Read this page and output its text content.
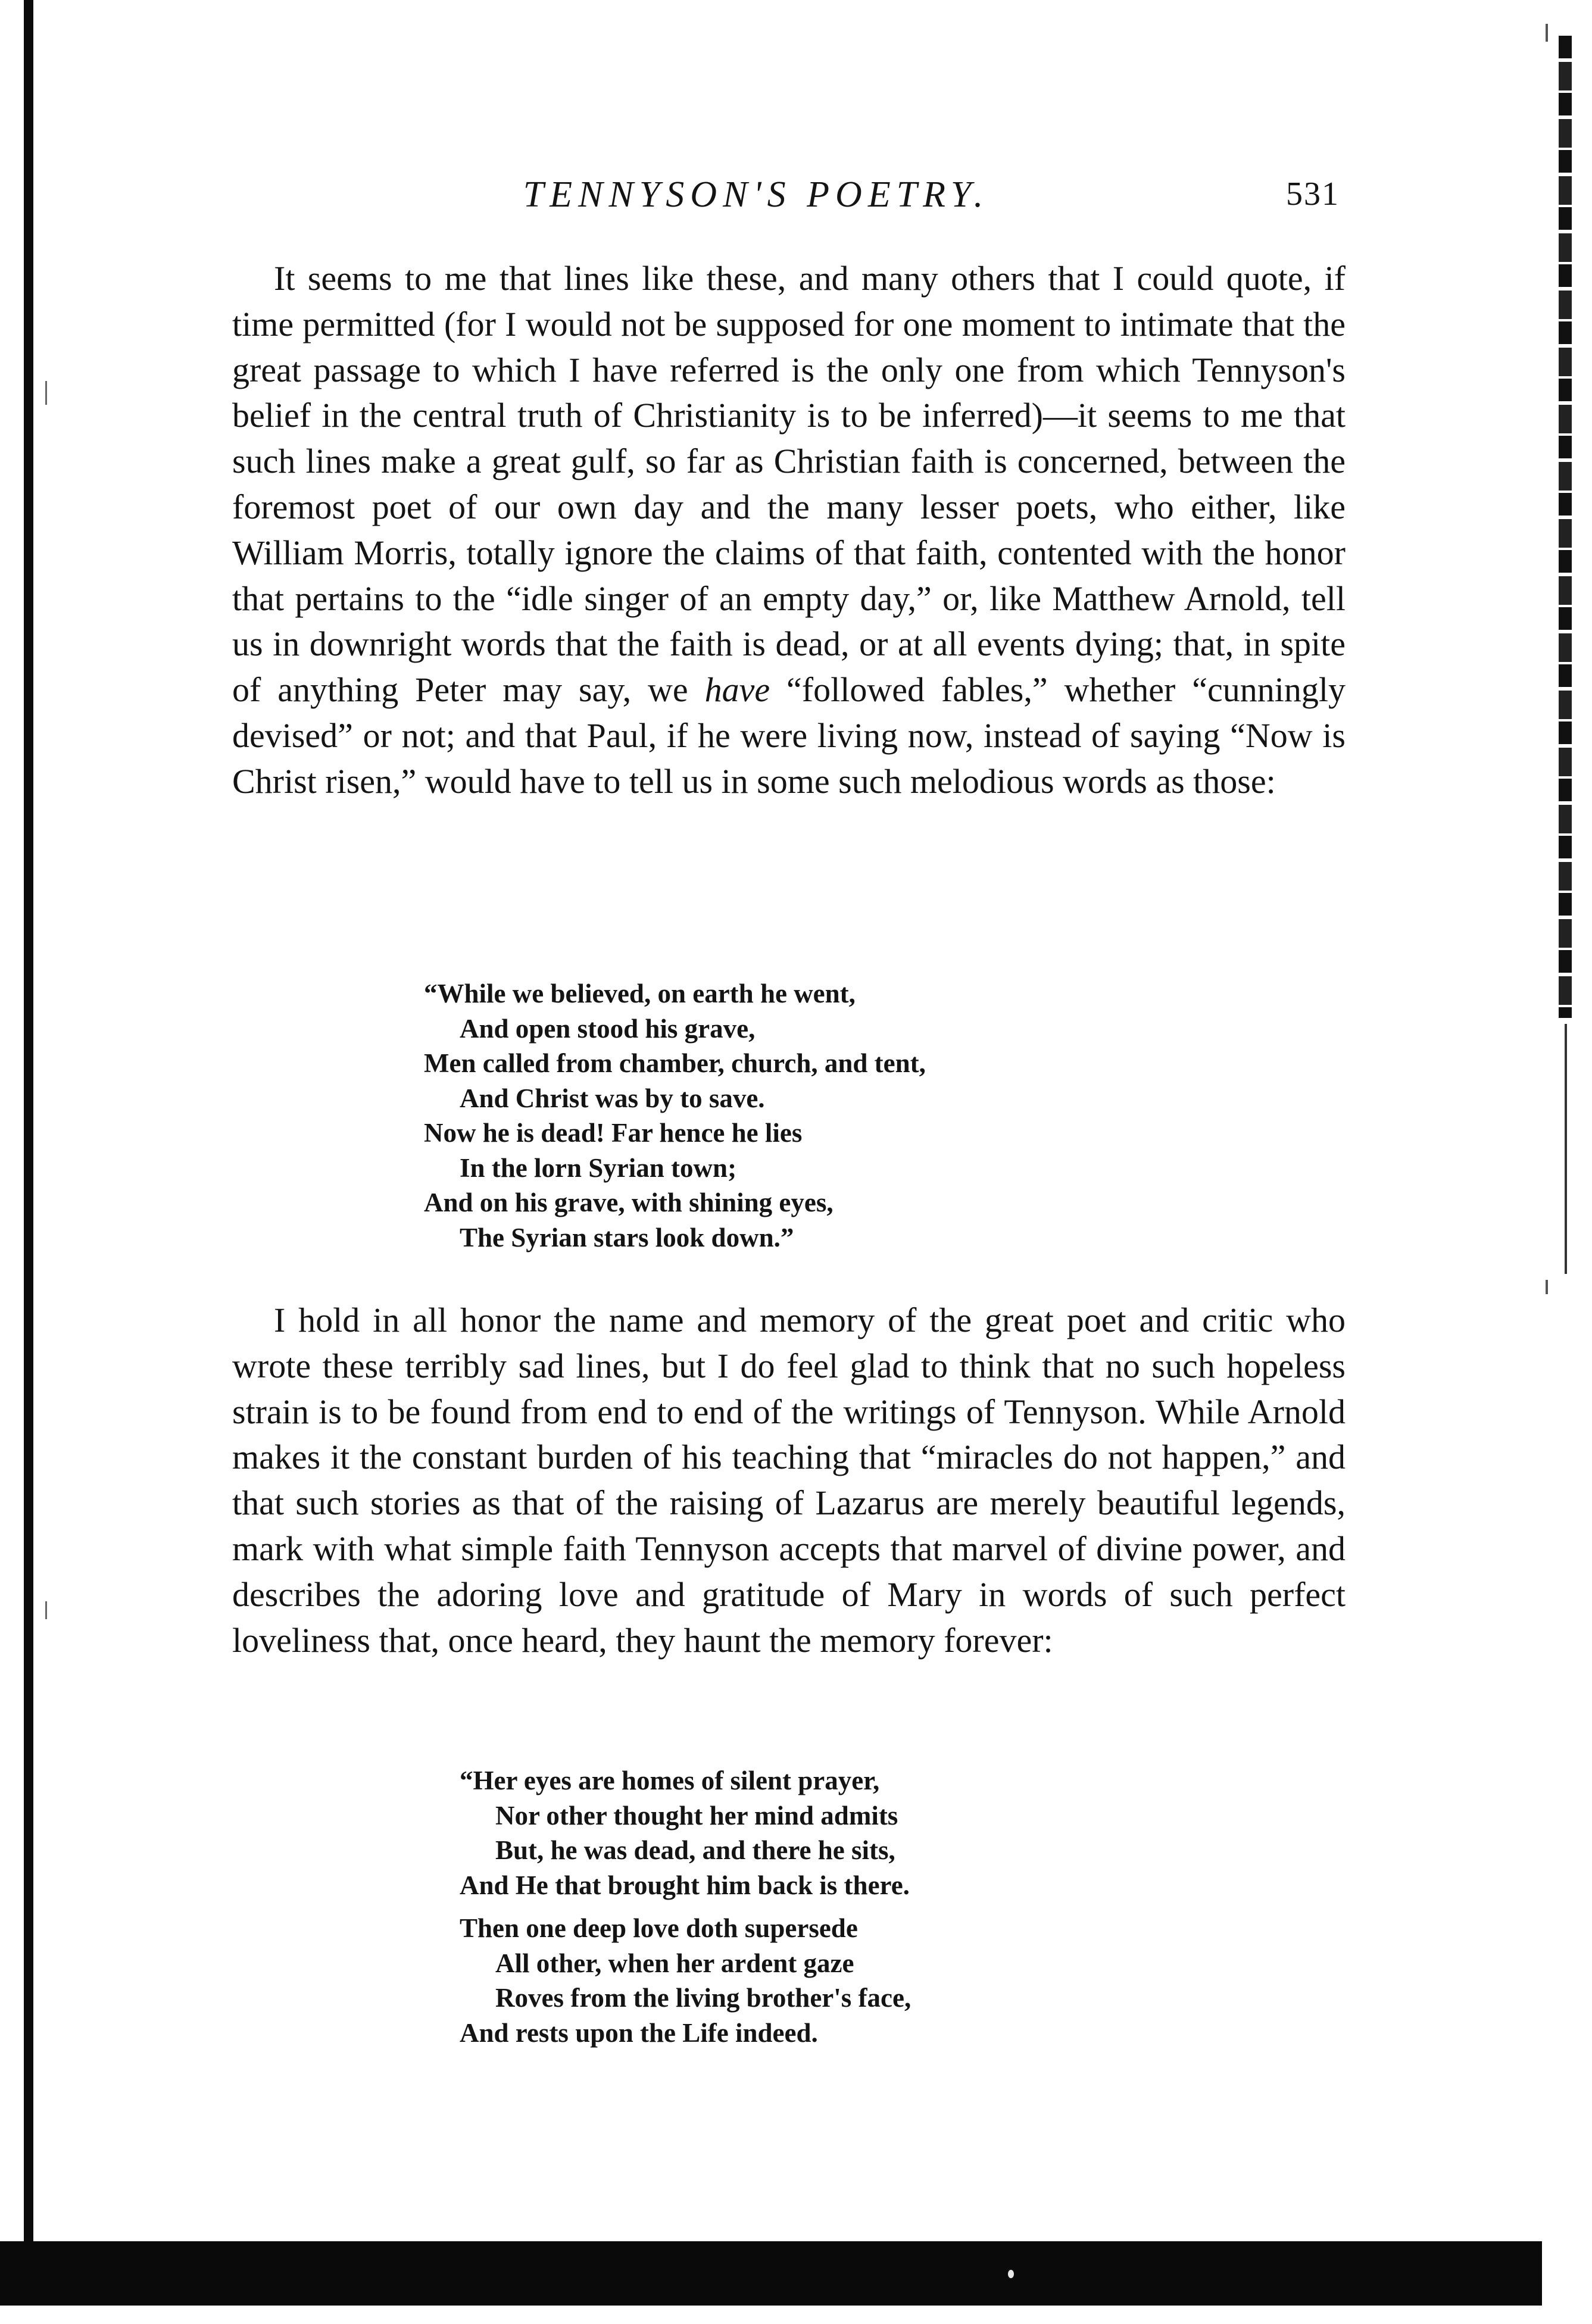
TENNYSON'S POETRY.	531

It seems to me that lines like these, and many others that I could quote, if time permitted (for I would not be supposed for one moment to intimate that the great passage to which I have referred is the only one from which Tennyson's belief in the central truth of Christianity is to be inferred)—it seems to me that such lines make a great gulf, so far as Christian faith is concerned, between the foremost poet of our own day and the many lesser poets, who either, like William Morris, totally ignore the claims of that faith, contented with the honor that pertains to the “idle singer of an empty day,” or, like Matthew Arnold, tell us in downright words that the faith is dead, or at all events dying; that, in spite of anything Peter may say, we have “followed fables,” whether “cunningly devised” or not; and that Paul, if he were living now, instead of saying “Now is Christ risen,” would have to tell us in some such melodious words as those:

“While we believed, on earth he went,
And open stood his grave,
Men called from chamber, church, and tent,
And Christ was by to save.
Now he is dead! Far hence he lies
In the lorn Syrian town;
And on his grave, with shining eyes,
The Syrian stars look down.”

I hold in all honor the name and memory of the great poet and critic who wrote these terribly sad lines, but I do feel glad to think that no such hopeless strain is to be found from end to end of the writings of Tennyson. While Arnold makes it the constant burden of his teaching that “miracles do not happen,” and that such stories as that of the raising of Lazarus are merely beautiful legends, mark with what simple faith Tennyson accepts that marvel of divine power, and describes the adoring love and gratitude of Mary in words of such perfect loveliness that, once heard, they haunt the memory forever:

“Her eyes are homes of silent prayer,
Nor other thought her mind admits
But, he was dead, and there he sits,
And He that brought him back is there.
Then one deep love doth supersede
All other, when her ardent gaze
Roves from the living brother's face,
And rests upon the Life indeed.
